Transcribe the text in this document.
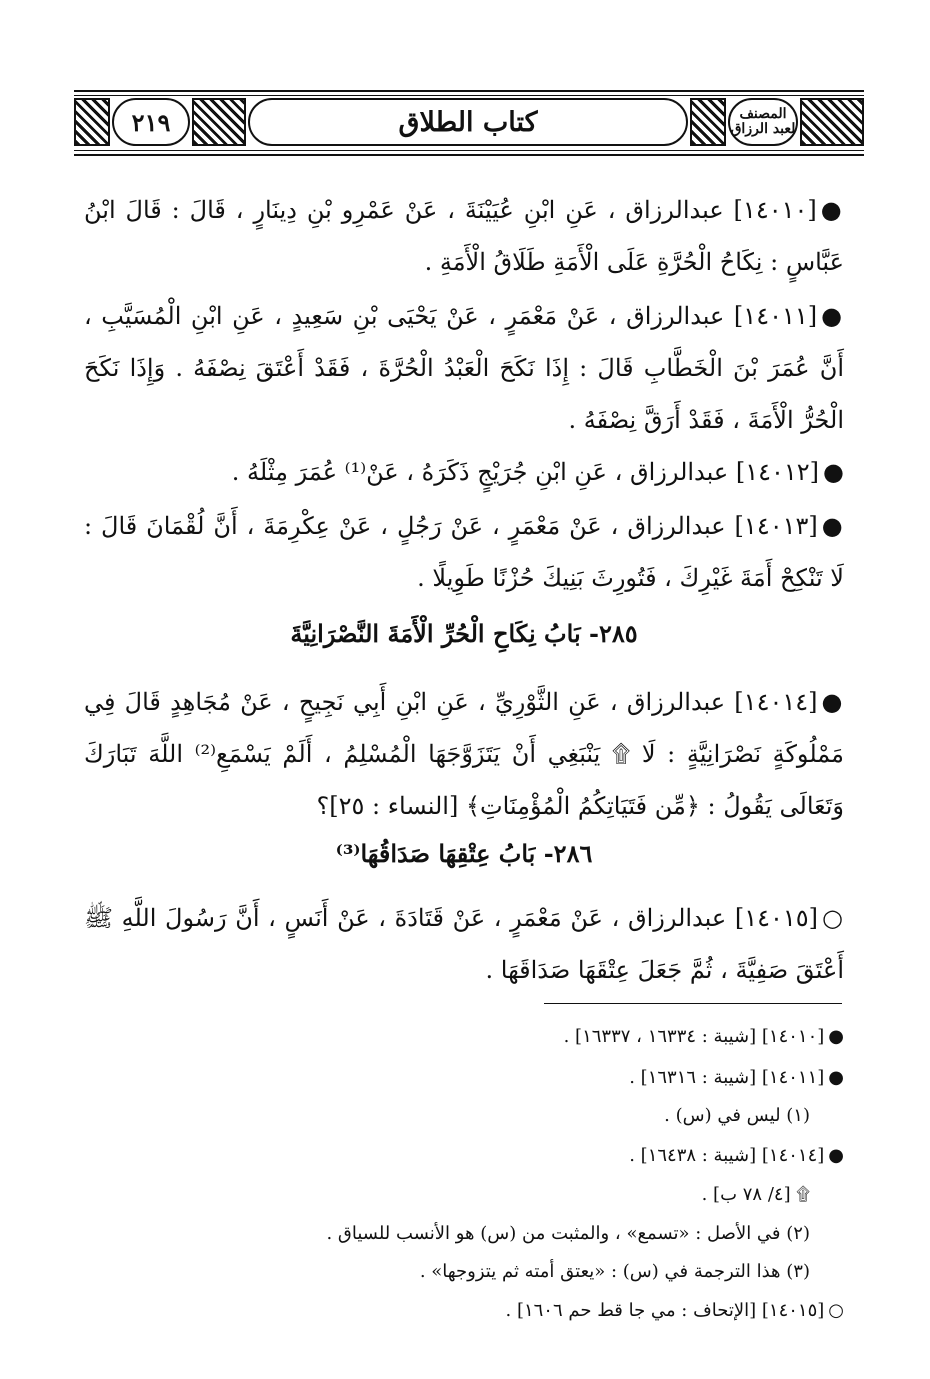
المصنف لعبد الرزاق
كتاب الطلاق
٢١٩
●[١٤٠١٠] عبدالرزاق ، عَنِ ابْنِ عُيَيْنَةَ ، عَنْ عَمْرِو بْنِ دِينَارٍ ، قَالَ : قَالَ ابْنُ عَبَّاسٍ : نِكَاحُ الْحُرَّةِ عَلَى الْأَمَةِ طَلَاقُ الْأَمَةِ .
●[١٤٠١١] عبدالرزاق ، عَنْ مَعْمَرٍ ، عَنْ يَحْيَى بْنِ سَعِيدٍ ، عَنِ ابْنِ الْمُسَيَّبِ ، أَنَّ عُمَرَ بْنَ الْخَطَّابِ قَالَ : إِذَا نَكَحَ الْعَبْدُ الْحُرَّةَ ، فَقَدْ أَعْتَقَ نِصْفَهُ . وَإِذَا نَكَحَ الْحُرُّ الْأَمَةَ ، فَقَدْ أَرَقَّ نِصْفَهُ .
●[١٤٠١٢] عبدالرزاق ، عَنِ ابْنِ جُرَيْجٍ ذَكَرَهُ ، عَنْ⁽¹⁾ عُمَرَ مِثْلَهُ .
●[١٤٠١٣] عبدالرزاق ، عَنْ مَعْمَرٍ ، عَنْ رَجُلٍ ، عَنْ عِكْرِمَةَ ، أَنَّ لُقْمَانَ قَالَ : لَا تَنْكِحْ أَمَةَ غَيْرِكَ ، فَتُورِثَ بَنِيكَ حُزْنًا طَوِيلًا .
٢٨٥- بَابُ نِكَاحِ الْحُرِّ الْأَمَةَ النَّصْرَانِيَّةَ
●[١٤٠١٤] عبدالرزاق ، عَنِ الثَّوْرِيِّ ، عَنِ ابْنِ أَبِي نَجِيحٍ ، عَنْ مُجَاهِدٍ قَالَ فِي مَمْلُوكَةٍ نَصْرَانِيَّةٍ : لَا ۩ يَنْبَغِي أَنْ يَتَزَوَّجَهَا الْمُسْلِمُ ، أَلَمْ يَسْمَعِ⁽²⁾ اللَّهَ تَبَارَكَ وَتَعَالَى يَقُولُ : ﴿مِّن فَتَيَاتِكُمُ الْمُؤْمِنَاتِ﴾ [النساء : ٢٥]؟
٢٨٦- بَابُ عِتْقِهَا صَدَاقُهَا⁽³⁾
○[١٤٠١٥] عبدالرزاق ، عَنْ مَعْمَرٍ ، عَنْ قَتَادَةَ ، عَنْ أَنَسٍ ، أَنَّ رَسُولَ اللَّهِ ﷺ أَعْتَقَ صَفِيَّةَ ، ثُمَّ جَعَلَ عِتْقَهَا صَدَاقَهَا .
●[١٤٠١٠] [شيبة : ١٦٣٣٤ ، ١٦٣٣٧] .
●[١٤٠١١] [شيبة : ١٦٣١٦] .
(١) ليس في (س) .
●[١٤٠١٤] [شيبة : ١٦٤٣٨] .
۩ [٤/ ٧٨ ب] .
(٢) في الأصل : «تسمع» ، والمثبت من (س) هو الأنسب للسياق .
(٣) هذا الترجمة في (س) : «يعتق أمته ثم يتزوجها» .
○[١٤٠١٥] [الإتحاف : مي جا قط حم ١٦٠٦] .
